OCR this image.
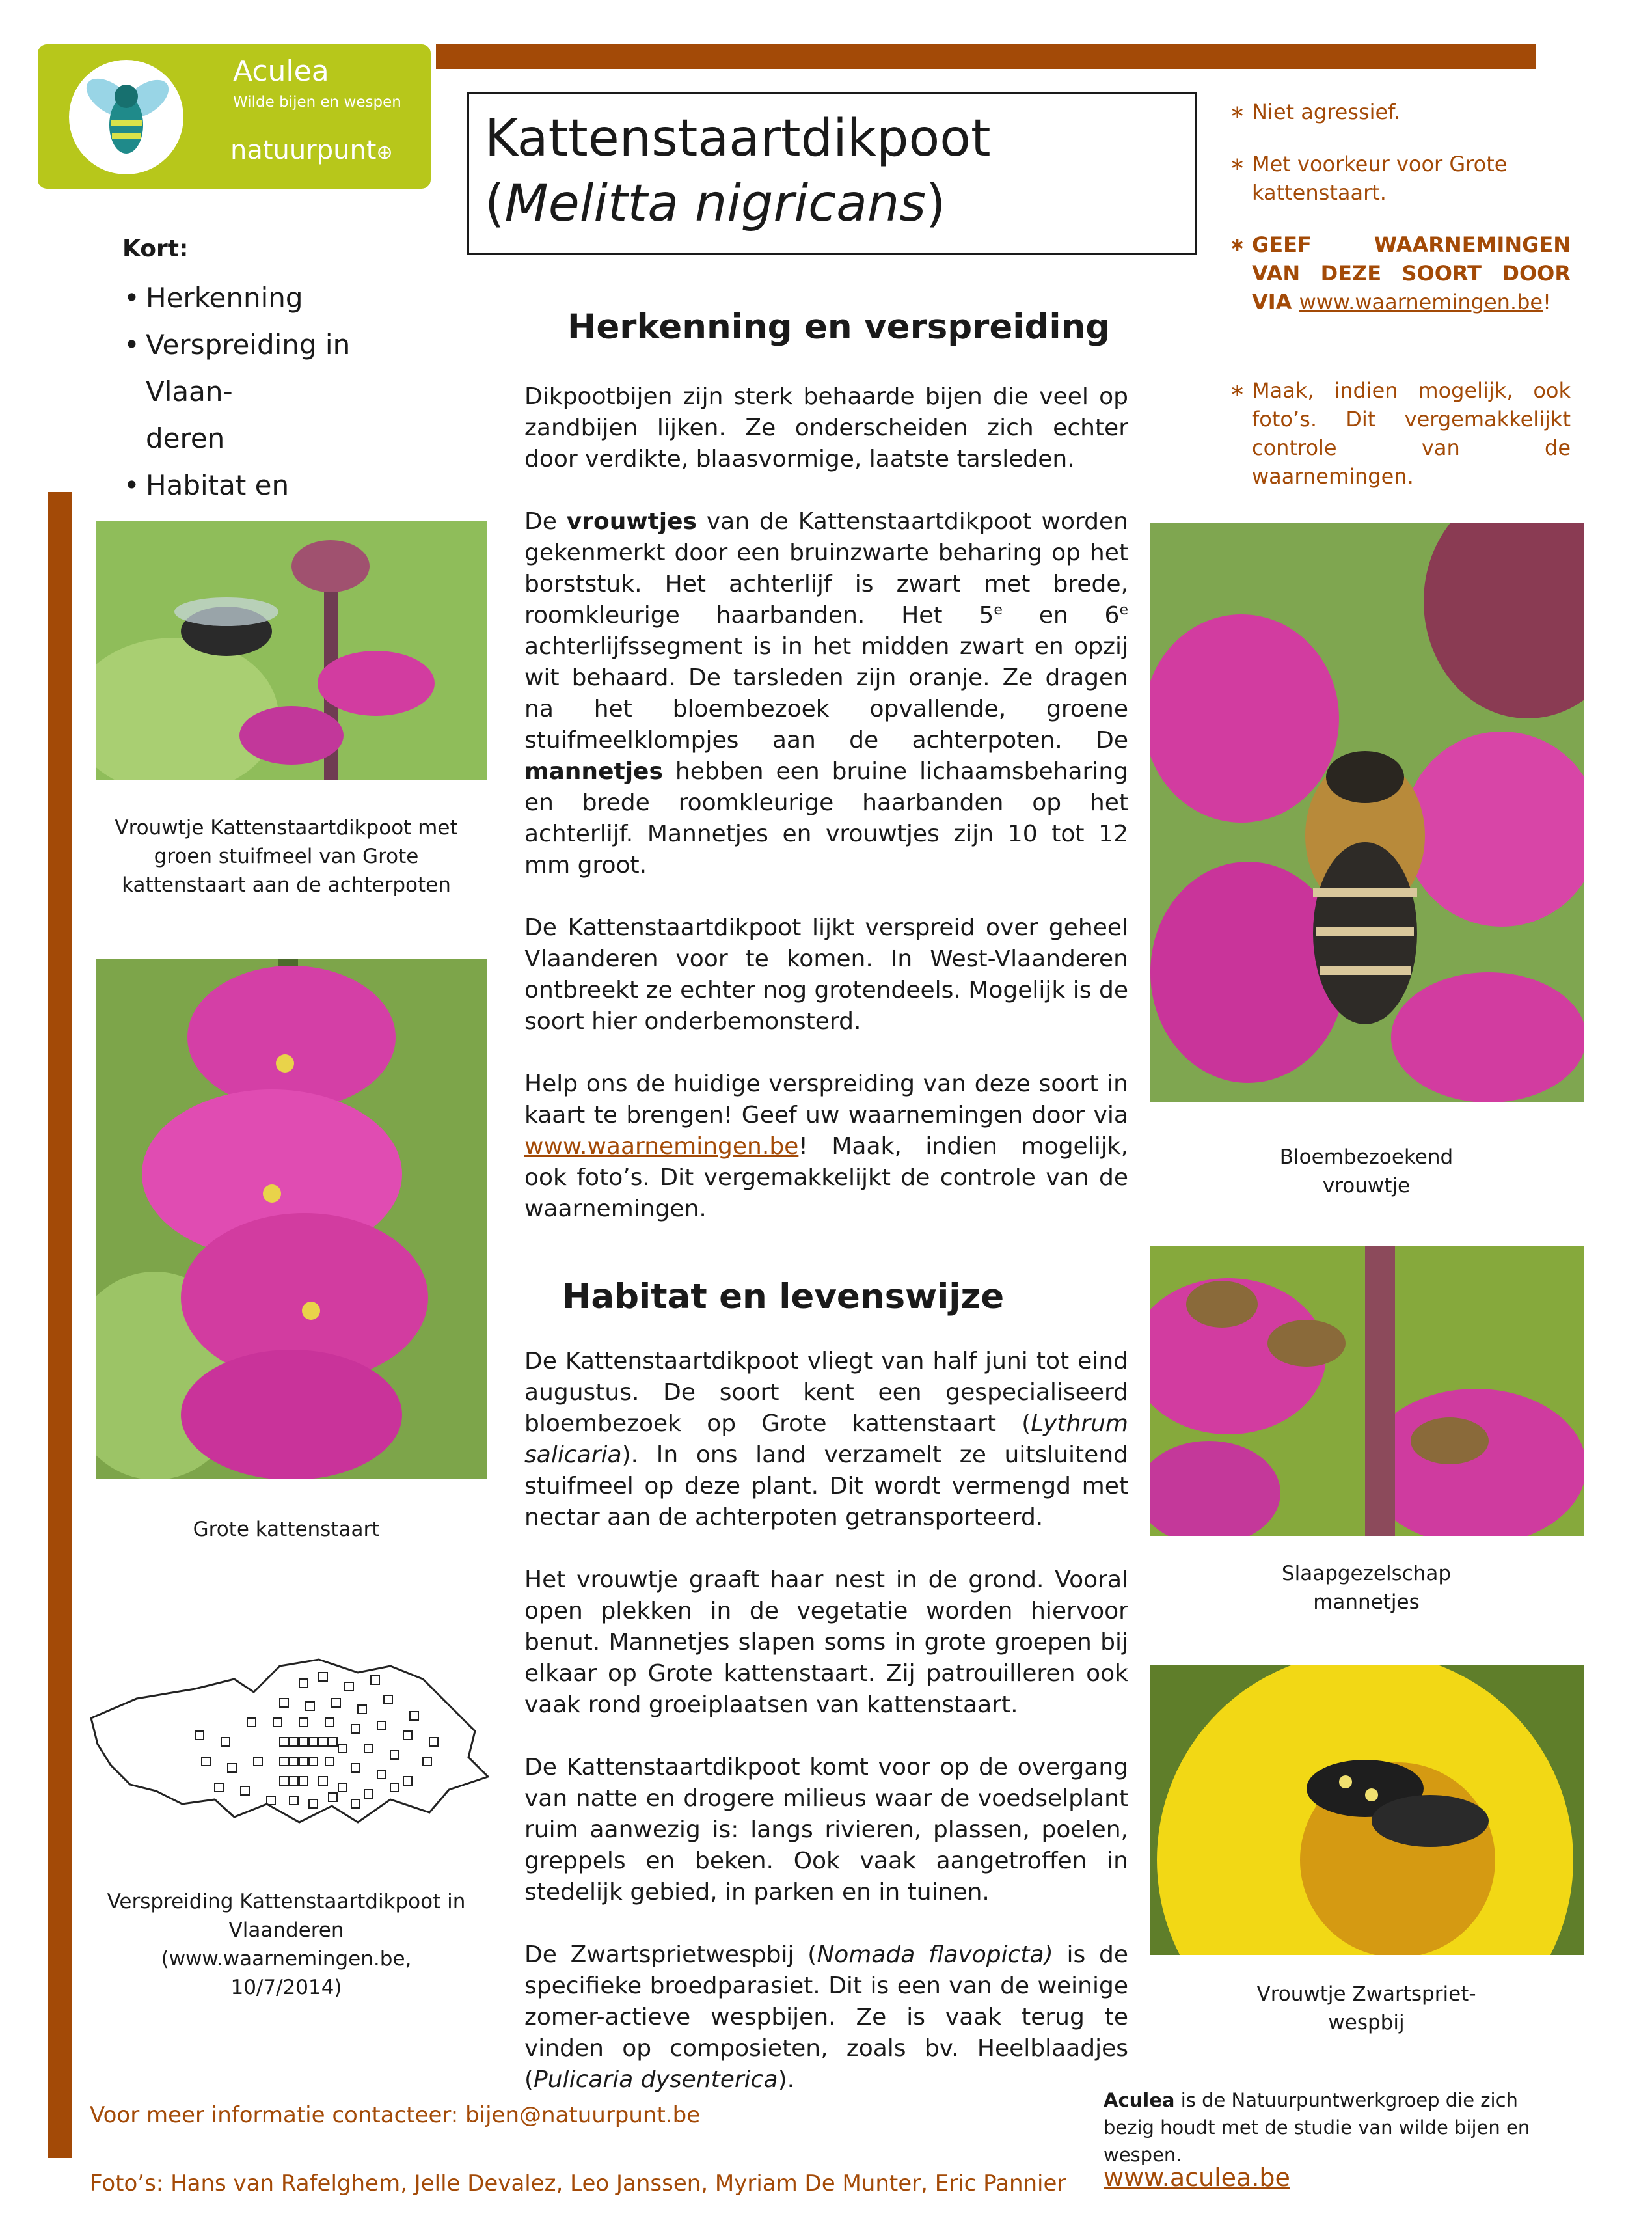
Aculea
Wilde bijen en wespen
natuurpunt⊕ Kattenstaartdikpoot
(Melitta nigricans)
Kort:
• Herkenning
• Verspreiding in Vlaan-
deren
• Habitat en
∗ Niet agressief.
∗ Met voorkeur voor Grote kattenstaart.
∗ GEEF WAARNEMINGEN VAN DEZE SOORT DOOR VIA www.waarnemingen.be!
∗ Maak, indien mogelijk, ook foto’s. Dit vergemakkelijkt controle van de waarnemingen.
Herkenning en verspreiding
Habitat en levenswijze

Dikpootbijen zijn sterk behaarde bijen die veel op zandbijen lijken. Ze onderscheiden zich echter door verdikte, blaasvormige, laatste tarsleden.

De vrouwtjes van de Kattenstaartdikpoot worden gekenmerkt door een bruinzwarte beharing op het borststuk. Het achterlijf is zwart met brede, roomkleurige haarbanden. Het 5e en 6e achterlijfssegment is in het midden zwart en opzij wit behaard. De tarsleden zijn oranje. Ze dragen na het bloembezoek opvallende, groene stuifmeelklompjes aan de achterpoten. De mannetjes hebben een bruine lichaamsbeharing en brede roomkleurige haarbanden op het achterlijf. Mannetjes en vrouwtjes zijn 10 tot 12 mm groot.

De Kattenstaartdikpoot lijkt verspreid over geheel Vlaanderen voor te komen. In West-Vlaanderen ontbreekt ze echter nog grotendeels. Mogelijk is de soort hier onderbemonsterd.

Help ons de huidige verspreiding van deze soort in kaart te brengen! Geef uw waarnemingen door via www.waarnemingen.be! Maak, indien mogelijk, ook foto’s. Dit vergemakkelijkt de controle van de waarnemingen.

De Kattenstaartdikpoot vliegt van half juni tot eind augustus. De soort kent een gespecialiseerd bloembezoek op Grote kattenstaart (Lythrum salicaria). In ons land verzamelt ze uitsluitend stuifmeel op deze plant. Dit wordt vermengd met nectar aan de achterpoten getransporteerd.

Het vrouwtje graaft haar nest in de grond. Vooral open plekken in de vegetatie worden hiervoor benut. Mannetjes slapen soms in grote groepen bij elkaar op Grote kattenstaart. Zij patrouilleren ook vaak rond groeiplaatsen van kattenstaart.

De Kattenstaartdikpoot komt voor op de overgang van natte en drogere milieus waar de voedselplant ruim aanwezig is: langs rivieren, plassen, poelen, greppels en beken. Ook vaak aangetroffen in stedelijk gebied, in parken en in tuinen.

De Zwartsprietwespbij (Nomada flavopicta) is de specifieke broedparasiet. Dit is een van de weinige zomer-actieve wespbijen. Ze is vaak terug te vinden op composieten, zoals bv. Heelblaadjes (Pulicaria dysenterica).

Vrouwtje Kattenstaartdikpoot met groen stuifmeel van Grote kattenstaart aan de achterpoten
Grote kattenstaart
Verspreiding Kattenstaartdikpoot in Vlaanderen (www.waarnemingen.be, 10/7/2014)
Bloembezoekend vrouwtje
Slaapgezelschap mannetjes
Vrouwtje Zwartspriet-wespbij
Voor meer informatie contacteer: bijen@natuurpunt.be
Foto’s: Hans van Rafelghem, Jelle Devalez, Leo Janssen, Myriam De Munter, Eric Pannier
Aculea is de Natuurpuntwerkgroep die zich bezig houdt met de studie van wilde bijen en wespen.
www.aculea.be
